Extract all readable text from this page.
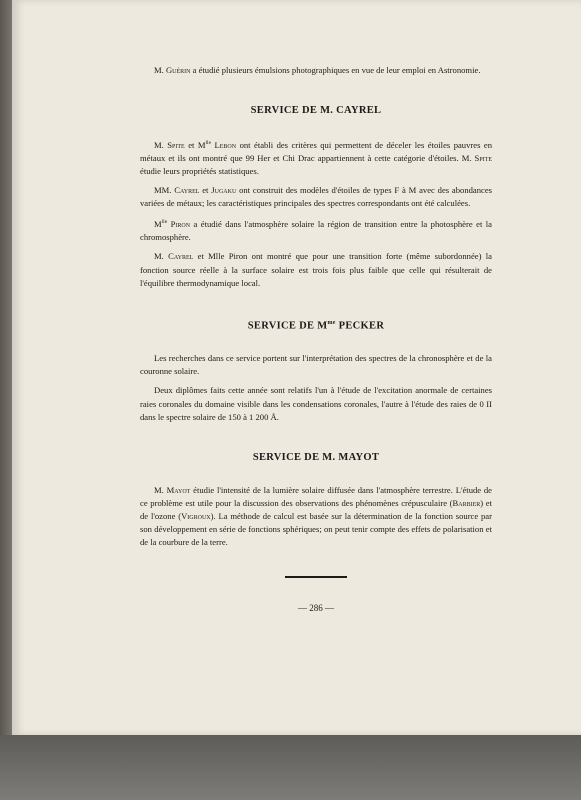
M. Guérin a étudié plusieurs émulsions photographiques en vue de leur emploi en Astronomie.

SERVICE DE M. CAYREL

M. Spite et $M^{lle}$ Lebon ont établi des critères qui permettent de déceler les étoiles pauvres en métaux et ils ont montré que 99 Her et Chi Drac appartiennent à cette catégorie d'étoiles. M. Spite étudie leurs propriétés statistiques.

MM. Cayrel et Jugaku ont construit des modèles d'étoiles de types F à M avec des abondances variées de métaux; les caractéristiques principales des spectres correspondants ont été calculées.

$M^{lle}$ Piron a étudié dans l'atmosphère solaire la région de transition entre la photosphère et la chromosphère.

M. Cayrel et Mlle Piron ont montré que pour une transition forte (même subordonnée) la fonction source réelle à la surface solaire est trois fois plus faible que celle qui résulterait de l'équilibre thermodynamique local.

SERVICE DE $M^{me}$ PECKER

Les recherches dans ce service portent sur l'interprétation des spectres de la chronosphère et de la couronne solaire.

Deux diplômes faits cette année sont relatifs l'un à l'étude de l'excitation anormale de certaines raies coronales du domaine visible dans les condensations coronales, l'autre à l'étude des raies de 0 II dans le spectre solaire de 150 à 1 200 Å.

SERVICE DE M. MAYOT

M. Mayot étudie l'intensité de la lumière solaire diffusée dans l'atmosphère terrestre. L'étude de ce problème est utile pour la discussion des observations des phénomènes crépusculaire (Barbier) et de l'ozone (Vigroux). La méthode de calcul est basée sur la détermination de la fonction source par son développement en série de fonctions sphériques; on peut tenir compte des effets de polarisation et de la courbure de la terre.

— 286 —
